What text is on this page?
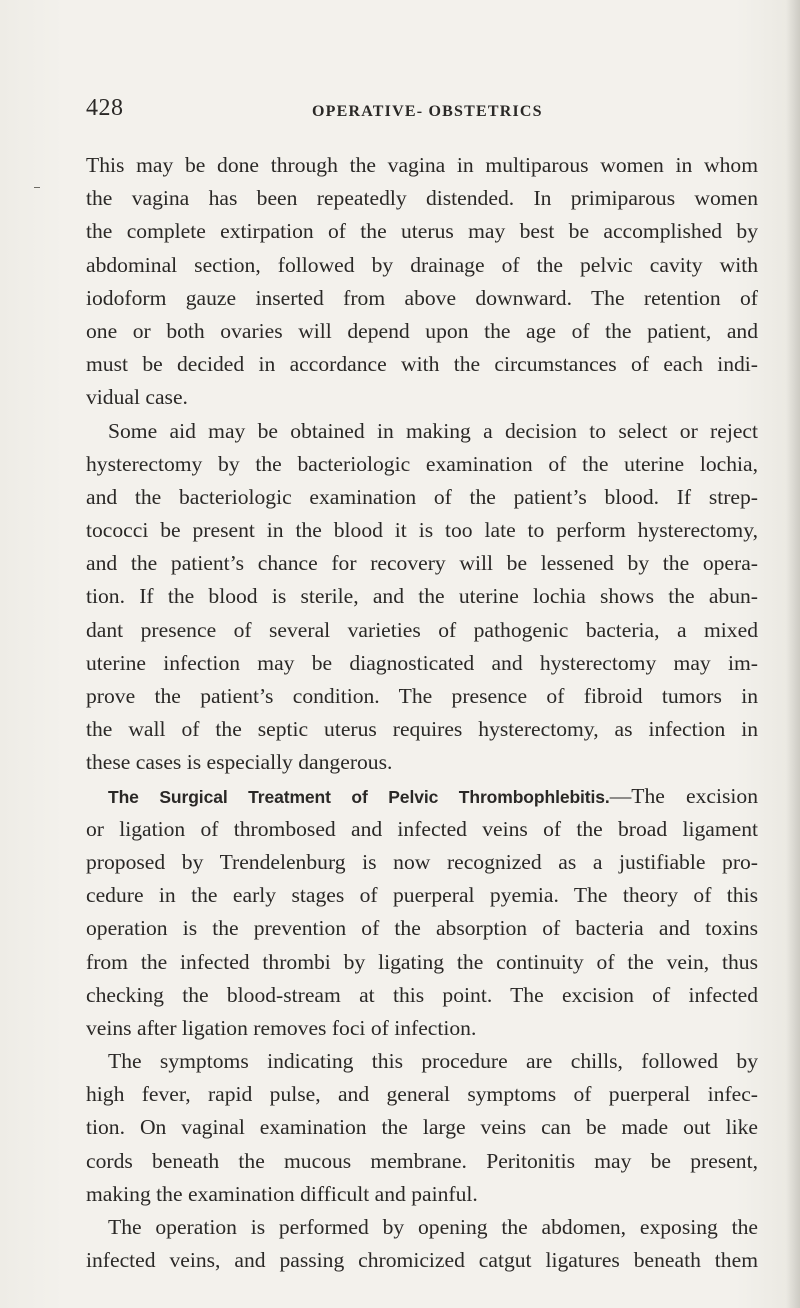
428	OPERATIVE- OBSTETRICS
This may be done through the vagina in multiparous women in whom
the vagina has been repeatedly distended. In primiparous women
the complete extirpation of the uterus may best be accomplished by
abdominal section, followed by drainage of the pelvic cavity with
iodoform gauze inserted from above downward. The retention of
one or both ovaries will depend upon the age of the patient, and
must be decided in accordance with the circumstances of each indi-
vidual case.
Some aid may be obtained in making a decision to select or reject
hysterectomy by the bacteriologic examination of the uterine lochia,
and the bacteriologic examination of the patient’s blood. If strep-
tococci be present in the blood it is too late to perform hysterectomy,
and the patient’s chance for recovery will be lessened by the opera-
tion. If the blood is sterile, and the uterine lochia shows the abun-
dant presence of several varieties of pathogenic bacteria, a mixed
uterine infection may be diagnosticated and hysterectomy may im-
prove the patient’s condition. The presence of fibroid tumors in
the wall of the septic uterus requires hysterectomy, as infection in
these cases is especially dangerous.
The Surgical Treatment of Pelvic Thrombophlebitis.—The excision
or ligation of thrombosed and infected veins of the broad ligament
proposed by Trendelenburg is now recognized as a justifiable pro-
cedure in the early stages of puerperal pyemia. The theory of this
operation is the prevention of the absorption of bacteria and toxins
from the infected thrombi by ligating the continuity of the vein, thus
checking the blood-stream at this point. The excision of infected
veins after ligation removes foci of infection.
The symptoms indicating this procedure are chills, followed by
high fever, rapid pulse, and general symptoms of puerperal infec-
tion. On vaginal examination the large veins can be made out like
cords beneath the mucous membrane. Peritonitis may be present,
making the examination difficult and painful.
The operation is performed by opening the abdomen, exposing the
infected veins, and passing chromicized catgut ligatures beneath them
